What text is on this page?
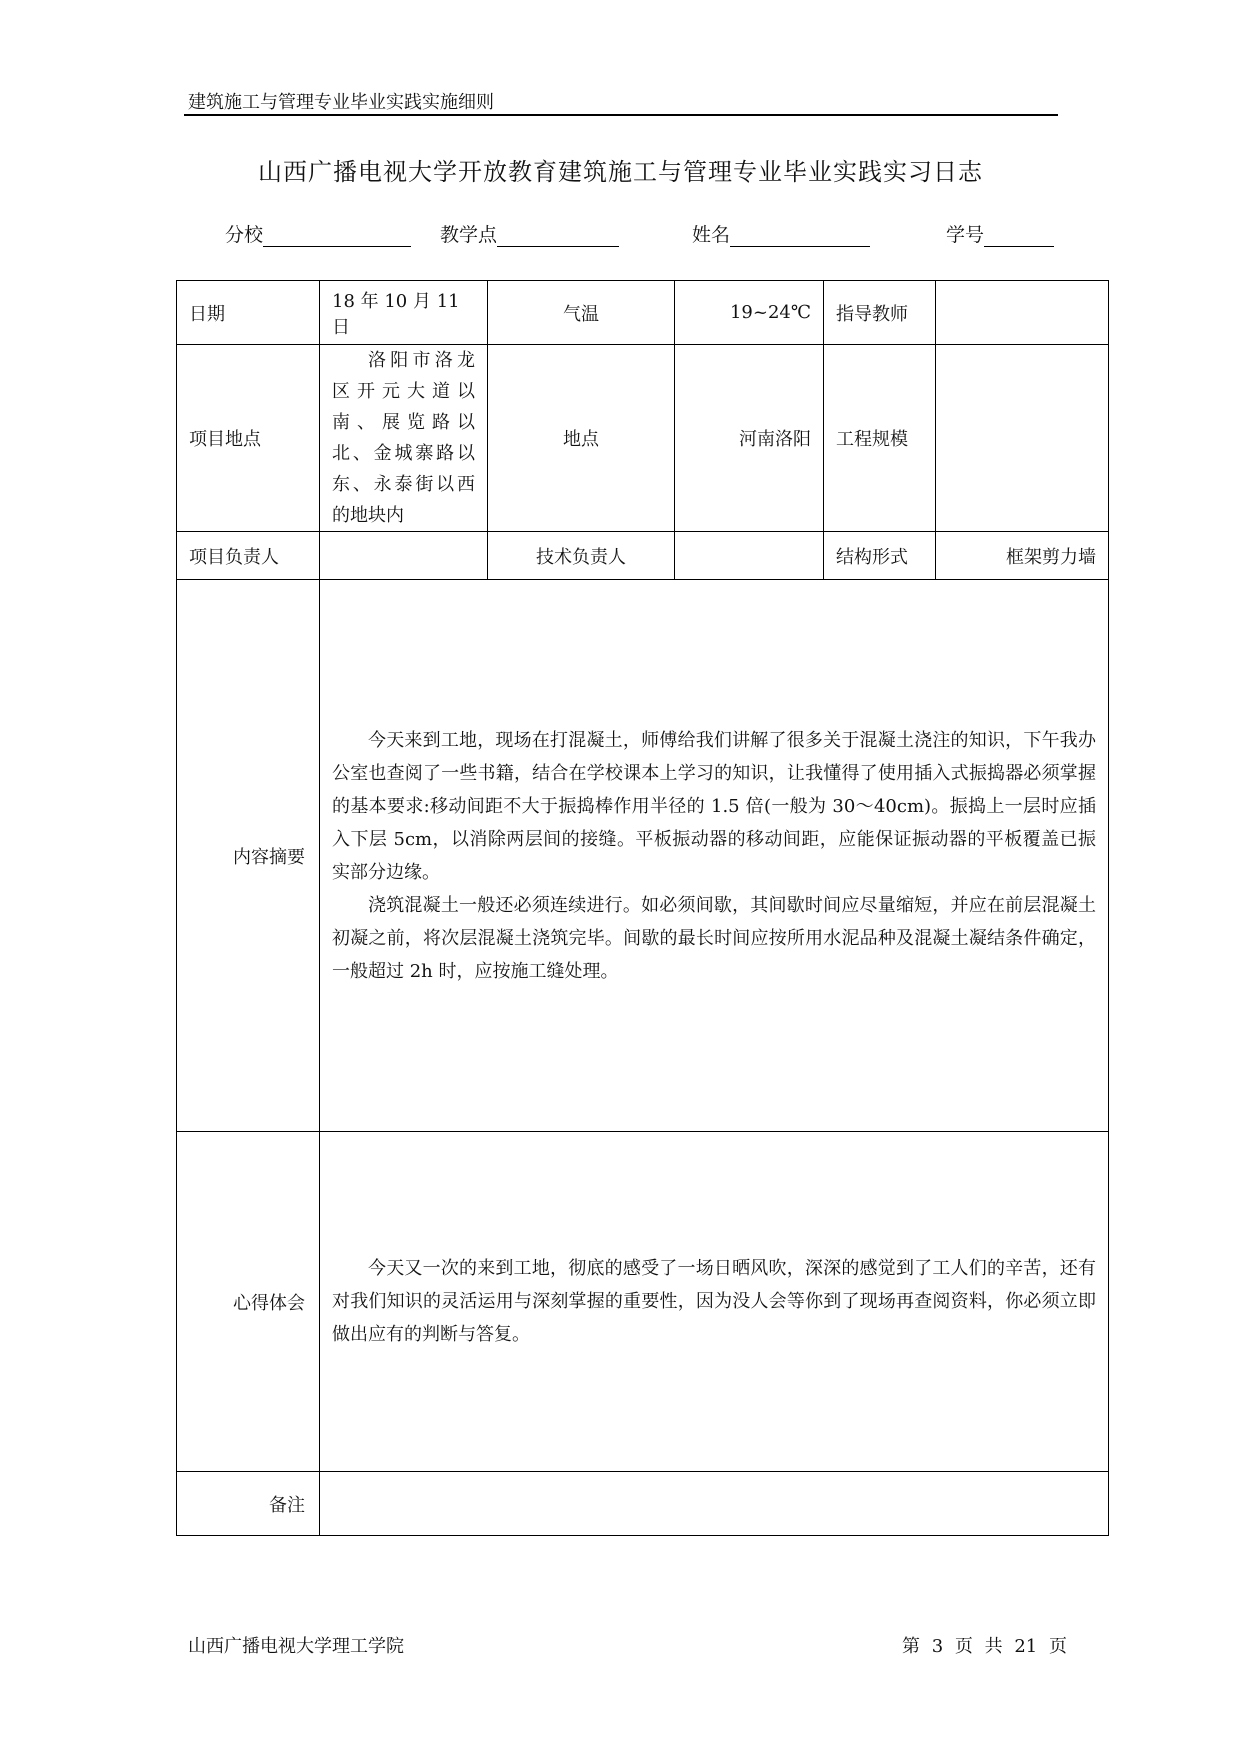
建筑施工与管理专业毕业实践实施细则
山西广播电视大学开放教育建筑施工与管理专业毕业实践实习日志
分校	教学点	姓名	学号
日期	18 年 10 月 11 日	气温	19~24℃	指导教师	
项目地点	洛阳市洛龙区开元大道以南、展览路以北、金城寨路以东、永泰街以西的地块内	地点	河南洛阳	工程规模	
项目负责人		技术负责人		结构形式	框架剪力墙
内容摘要	今天来到工地，现场在打混凝土，师傅给我们讲解了很多关于混凝土浇注的知识，下午我办公室也查阅了一些书籍，结合在学校课本上学习的知识，让我懂得了使用插入式振捣器必须掌握的基本要求:移动间距不大于振捣棒作用半径的 1.5 倍(一般为 30～40cm)。振捣上一层时应插入下层 5cm，以消除两层间的接缝。平板振动器的移动间距，应能保证振动器的平板覆盖已振实部分边缘。

浇筑混凝土一般还必须连续进行。如必须间歇，其间歇时间应尽量缩短，并应在前层混凝土初凝之前，将次层混凝土浇筑完毕。间歇的最长时间应按所用水泥品种及混凝土凝结条件确定，一般超过 2h 时，应按施工缝处理。				

心得体会	今天又一次的来到工地，彻底的感受了一场日晒风吹，深深的感觉到了工人们的辛苦，还有对我们知识的灵活运用与深刻掌握的重要性，因为没人会等你到了现场再查阅资料，你必须立即做出应有的判断与答复。				

备注					
山西广播电视大学理工学院	第 3 页 共 21 页
